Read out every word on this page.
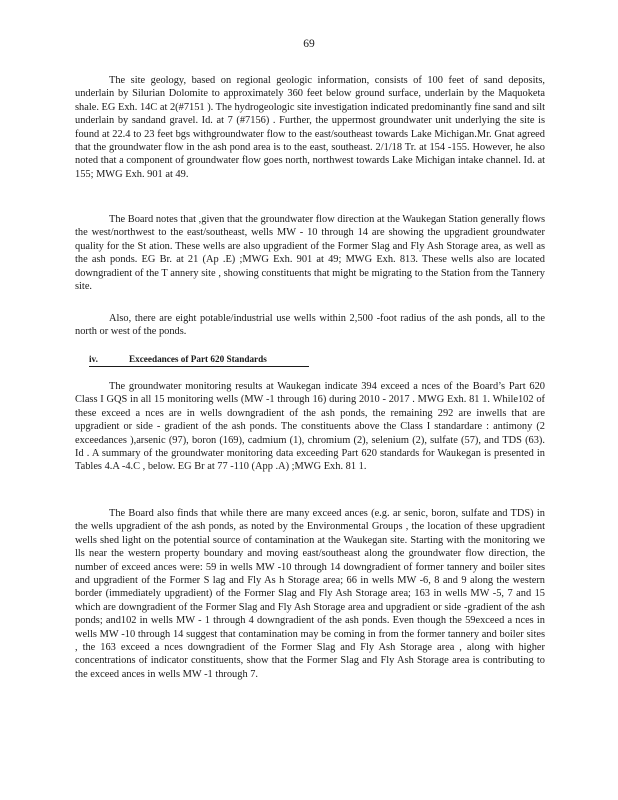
69

The site geology, based on regional geologic information, consists of 100 feet of sand deposits, underlain by Silurian Dolomite to approximately 360 feet below ground surface, underlain by the Maquoketa shale. EG Exh. 14C at 2(#7151 ). The hydrogeologic site investigation indicated predominantly fine sand and silt underlain by sandand gravel. Id. at 7 (#7156) . Further, the uppermost groundwater unit underlying the site is found at 22.4 to 23 feet bgs withgroundwater flow to the east/southeast towards Lake Michigan.Mr. Gnat agreed that the groundwater flow in the ash pond area is to the east, southeast. 2/1/18 Tr. at 154 -155. However, he also noted that a component of groundwater flow goes north, northwest towards Lake Michigan intake channel. Id. at 155; MWG Exh. 901 at 49.

The Board notes that ,given that the groundwater flow direction at the Waukegan Station generally flows the west/northwest to the east/southeast, wells MW - 10 through 14 are showing the upgradient groundwater quality for the St ation. These wells are also upgradient of the Former Slag and Fly Ash Storage area, as well as the ash ponds. EG Br. at 21 (Ap .E) ;MWG Exh. 901 at 49; MWG Exh. 813. These wells also are located downgradient of the T annery site , showing constituents that might be migrating to the Station from the Tannery site.

Also, there are eight potable/industrial use wells within 2,500 -foot radius of the ash ponds, all to the north or west of the ponds.

iv.	Exceedances of Part 620 Standards

The groundwater monitoring results at Waukegan indicate 394 exceed a nces of the Board’s Part 620 Class I GQS in all 15 monitoring wells (MW -1 through 16) during 2010 - 2017 . MWG Exh. 81 1. While102 of these exceed a nces are in wells downgradient of the ash ponds, the remaining 292 are inwells that are upgradient or side - gradient of the ash ponds. The constituents above the Class I standardare : antimony (2 exceedances ),arsenic (97), boron (169), cadmium (1), chromium (2), selenium (2), sulfate (57), and TDS (63). Id . A summary of the groundwater monitoring data exceeding Part 620 standards for Waukegan is presented in Tables 4.A -4.C , below. EG Br at 77 -110 (App .A) ;MWG Exh. 81 1.

The Board also finds that while there are many exceed ances (e.g. ar senic, boron, sulfate and TDS) in the wells upgradient of the ash ponds, as noted by the Environmental Groups , the location of these upgradient wells shed light on the potential source of contamination at the Waukegan site. Starting with the monitoring we lls near the western property boundary and moving east/southeast along the groundwater flow direction, the number of exceed ances were: 59 in wells MW -10 through 14 downgradient of former tannery and boiler sites and upgradient of the Former S lag and Fly As h Storage area; 66 in wells MW -6, 8 and 9 along the western border (immediately upgradient) of the Former Slag and Fly Ash Storage area; 163 in wells MW -5, 7 and 15 which are downgradient of the Former Slag and Fly Ash Storage area and upgradient or side -gradient of the ash ponds; and102 in wells MW - 1 through 4 downgradient of the ash ponds. Even though the 59exceed a nces in wells MW -10 through 14 suggest that contamination may be coming in from the former tannery and boiler sites , the 163 exceed a nces downgradient of the Former Slag and Fly Ash Storage area , along with higher concentrations of indicator constituents, show that the Former Slag and Fly Ash Storage area is contributing to the exceed ances in wells MW -1 through 7.
